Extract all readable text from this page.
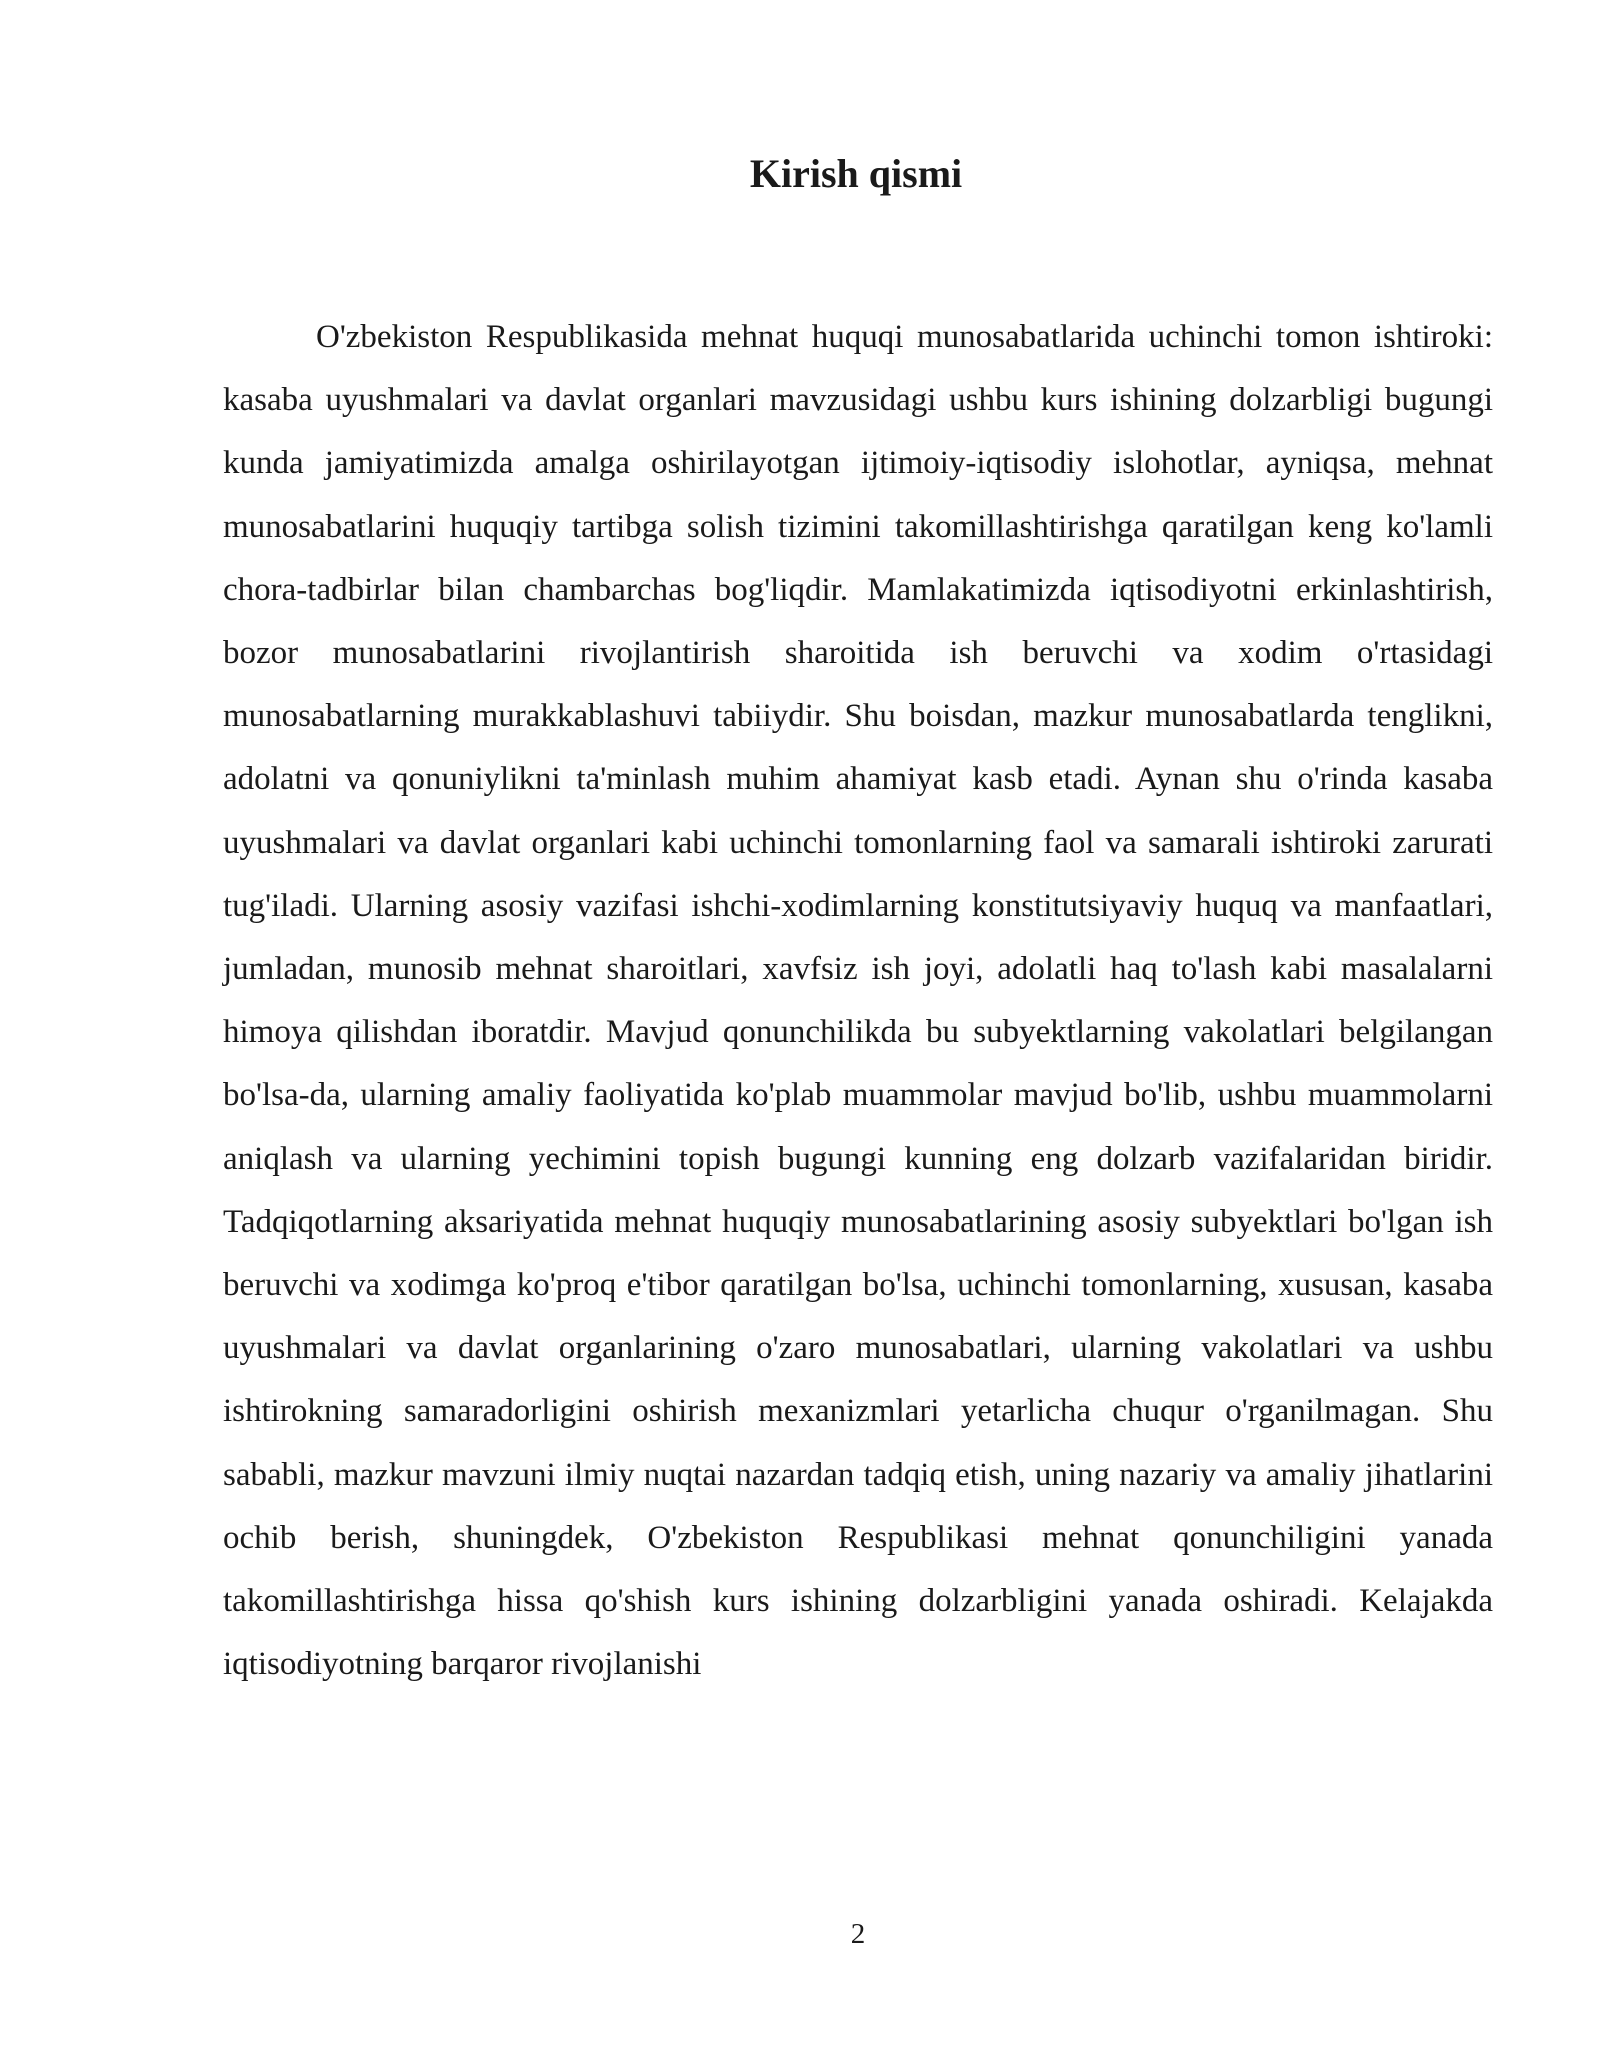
Kirish qismi

O'zbekiston Respublikasida mehnat huquqi munosabatlarida uchinchi tomon ishtiroki: kasaba uyushmalari va davlat organlari mavzusidagi ushbu kurs ishining dolzarbligi bugungi kunda jamiyatimizda amalga oshirilayotgan ijtimoiy-iqtisodiy islohotlar, ayniqsa, mehnat munosabatlarini huquqiy tartibga solish tizimini takomillashtirishga qaratilgan keng ko'lamli chora-tadbirlar bilan chambarchas bog'liqdir. Mamlakatimizda iqtisodiyotni erkinlashtirish, bozor munosabatlarini rivojlantirish sharoitida ish beruvchi va xodim o'rtasidagi munosabatlarning murakkablashuvi tabiiydir. Shu boisdan, mazkur munosabatlarda tenglikni, adolatni va qonuniylikni ta'minlash muhim ahamiyat kasb etadi. Aynan shu o'rinda kasaba uyushmalari va davlat organlari kabi uchinchi tomonlarning faol va samarali ishtiroki zarurati tug'iladi. Ularning asosiy vazifasi ishchi-xodimlarning konstitutsiyaviy huquq va manfaatlari, jumladan, munosib mehnat sharoitlari, xavfsiz ish joyi, adolatli haq to'lash kabi masalalarni himoya qilishdan iboratdir. Mavjud qonunchilikda bu subyektlarning vakolatlari belgilangan bo'lsa-da, ularning amaliy faoliyatida ko'plab muammolar mavjud bo'lib, ushbu muammolarni aniqlash va ularning yechimini topish bugungi kunning eng dolzarb vazifalaridan biridir. Tadqiqotlarning aksariyatida mehnat huquqiy munosabatlarining asosiy subyektlari bo'lgan ish beruvchi va xodimga ko'proq e'tibor qaratilgan bo'lsa, uchinchi tomonlarning, xususan, kasaba uyushmalari va davlat organlarining o'zaro munosabatlari, ularning vakolatlari va ushbu ishtirokning samaradorligini oshirish mexanizmlari yetarlicha chuqur o'rganilmagan. Shu sababli, mazkur mavzuni ilmiy nuqtai nazardan tadqiq etish, uning nazariy va amaliy jihatlarini ochib berish, shuningdek, O'zbekiston Respublikasi mehnat qonunchiligini yanada takomillashtirishga hissa qo'shish kurs ishining dolzarbligini yanada oshiradi. Kelajakda iqtisodiyotning barqaror rivojlanishi

2
